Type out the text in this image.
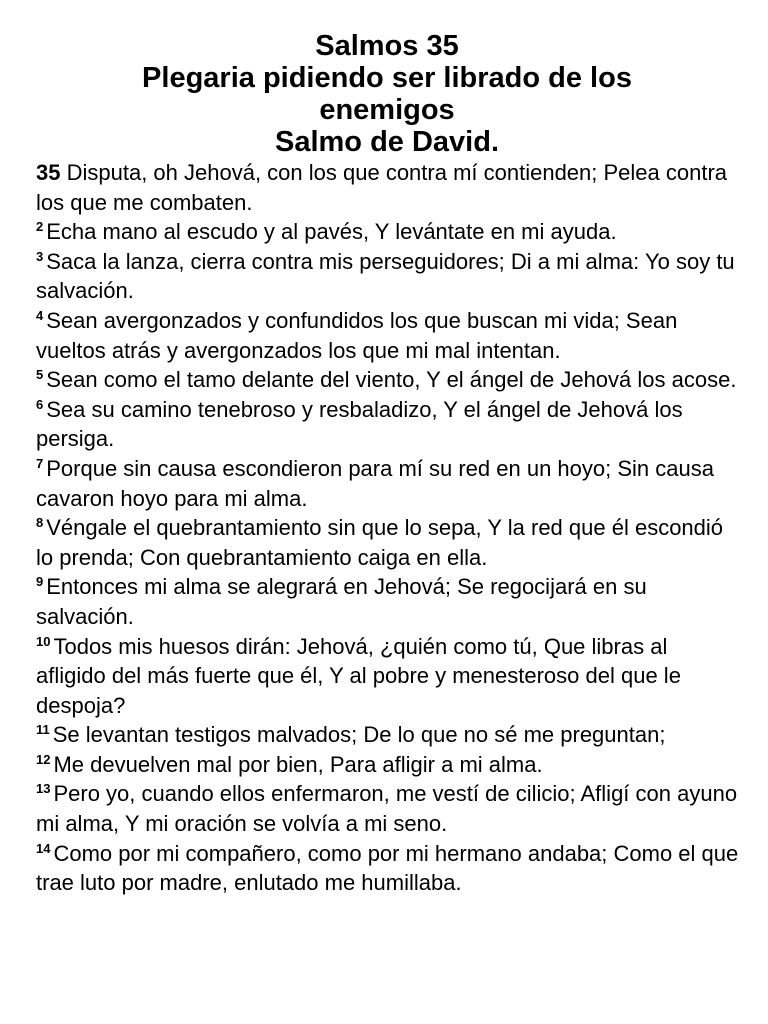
Salmos 35
Plegaria pidiendo ser librado de los enemigos
Salmo de David.

35 Disputa, oh Jehová, con los que contra mí contienden; Pelea contra los que me combaten.

$^2$ Echa mano al escudo y al pavés, Y levántate en mi ayuda.

$^3$ Saca la lanza, cierra contra mis perseguidores; Di a mi alma: Yo soy tu salvación.

$^4$ Sean avergonzados y confundidos los que buscan mi vida; Sean vueltos atrás y avergonzados los que mi mal intentan.

$^5$ Sean como el tamo delante del viento, Y el ángel de Jehová los acose.

$^6$ Sea su camino tenebroso y resbaladizo, Y el ángel de Jehová los persiga.

$^7$ Porque sin causa escondieron para mí su red en un hoyo; Sin causa cavaron hoyo para mi alma.

$^8$ Véngale el quebrantamiento sin que lo sepa, Y la red que él escondió lo prenda; Con quebrantamiento caiga en ella.

$^9$ Entonces mi alma se alegrará en Jehová; Se regocijará en su salvación.

$^{10}$ Todos mis huesos dirán: Jehová, ¿quién como tú, Que libras al afligido del más fuerte que él, Y al pobre y menesteroso del que le despoja?

$^{11}$ Se levantan testigos malvados; De lo que no sé me preguntan;

$^{12}$ Me devuelven mal por bien, Para afligir a mi alma.

$^{13}$ Pero yo, cuando ellos enfermaron, me vestí de cilicio; Afligí con ayuno mi alma, Y mi oración se volvía a mi seno.

$^{14}$ Como por mi compañero, como por mi hermano andaba; Como el que trae luto por madre, enlutado me humillaba.
